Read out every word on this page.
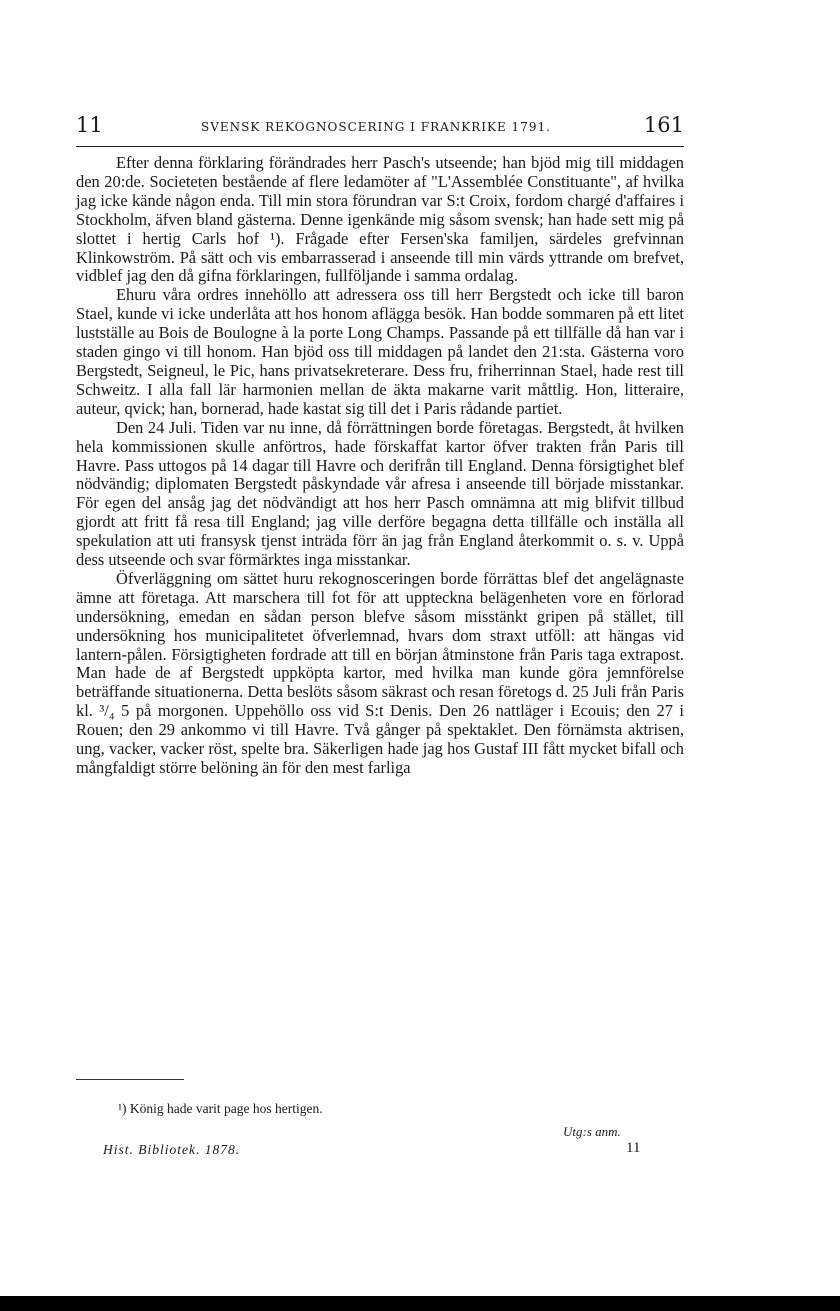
11	SVENSK REKOGNOSCERING I FRANKRIKE 1791.	161

Efter denna förklaring förändrades herr Pasch's utseende; han bjöd mig till middagen den 20:de. Societeten bestående af flere ledamöter af "L'Assemblée Constituante", af hvilka jag icke kände någon enda. Till min stora förundran var S:t Croix, fordom chargé d'affaires i Stockholm, äfven bland gästerna. Denne igenkände mig såsom svensk; han hade sett mig på slottet i hertig Carls hof ¹). Frågade efter Fersen'ska familjen, särdeles grefvinnan Klinkowström. På sätt och vis embarrasserad i anseende till min värds yttrande om brefvet, vidblef jag den då gifna förklaringen, fullföljande i samma ordalag.

Ehuru våra ordres innehöllo att adressera oss till herr Bergstedt och icke till baron Stael, kunde vi icke underlåta att hos honom aflägga besök. Han bodde sommaren på ett litet lustställe au Bois de Boulogne à la porte Long Champs. Passande på ett tillfälle då han var i staden gingo vi till honom. Han bjöd oss till middagen på landet den 21:sta. Gästerna voro Bergstedt, Seigneul, le Pic, hans privatsekreterare. Dess fru, friherrinnan Stael, hade rest till Schweitz. I alla fall lär harmonien mellan de äkta makarne varit måttlig. Hon, litteraire, auteur, qvick; han, bornerad, hade kastat sig till det i Paris rådande partiet.

Den 24 Juli. Tiden var nu inne, då förrättningen borde företagas. Bergstedt, åt hvilken hela kommissionen skulle anförtros, hade förskaffat kartor öfver trakten från Paris till Havre. Pass uttogos på 14 dagar till Havre och derifrån till England. Denna försigtighet blef nödvändig; diplomaten Bergstedt påskyndade vår afresa i anseende till började misstankar. För egen del ansåg jag det nödvändigt att hos herr Pasch omnämna att mig blifvit tillbud gjordt att fritt få resa till England; jag ville derföre begagna detta tillfälle och inställa all spekulation att uti fransysk tjenst inträda förr än jag från England återkommit o. s. v. Uppå dess utseende och svar förmärktes inga misstankar.

Öfverläggning om sättet huru rekognosceringen borde förrättas blef det angelägnaste ämne att företaga. Att marschera till fot för att uppteckna belägenheten vore en förlorad undersökning, emedan en sådan person blefve såsom misstänkt gripen på stället, till undersökning hos municipalitetet öfverlemnad, hvars dom straxt utföll: att hängas vid lantern-pålen. Försigtigheten fordrade att till en början åtminstone från Paris taga extrapost. Man hade de af Bergstedt uppköpta kartor, med hvilka man kunde göra jemnförelse beträffande situationerna. Detta beslöts såsom säkrast och resan företogs d. 25 Juli från Paris kl. ³/₄ 5 på morgonen. Uppehöllo oss vid S:t Denis. Den 26 nattläger i Ecouis; den 27 i Rouen; den 29 ankommo vi till Havre. Två gånger på spektaklet. Den förnämsta aktrisen, ung, vacker, vacker röst, spelte bra. Säkerligen hade jag hos Gustaf III fått mycket bifall och mångfaldigt större belöning än för den mest farliga

¹) König hade varit page hos hertigen.
Utg:s anm.
Hist. Bibliotek. 1878.	11
